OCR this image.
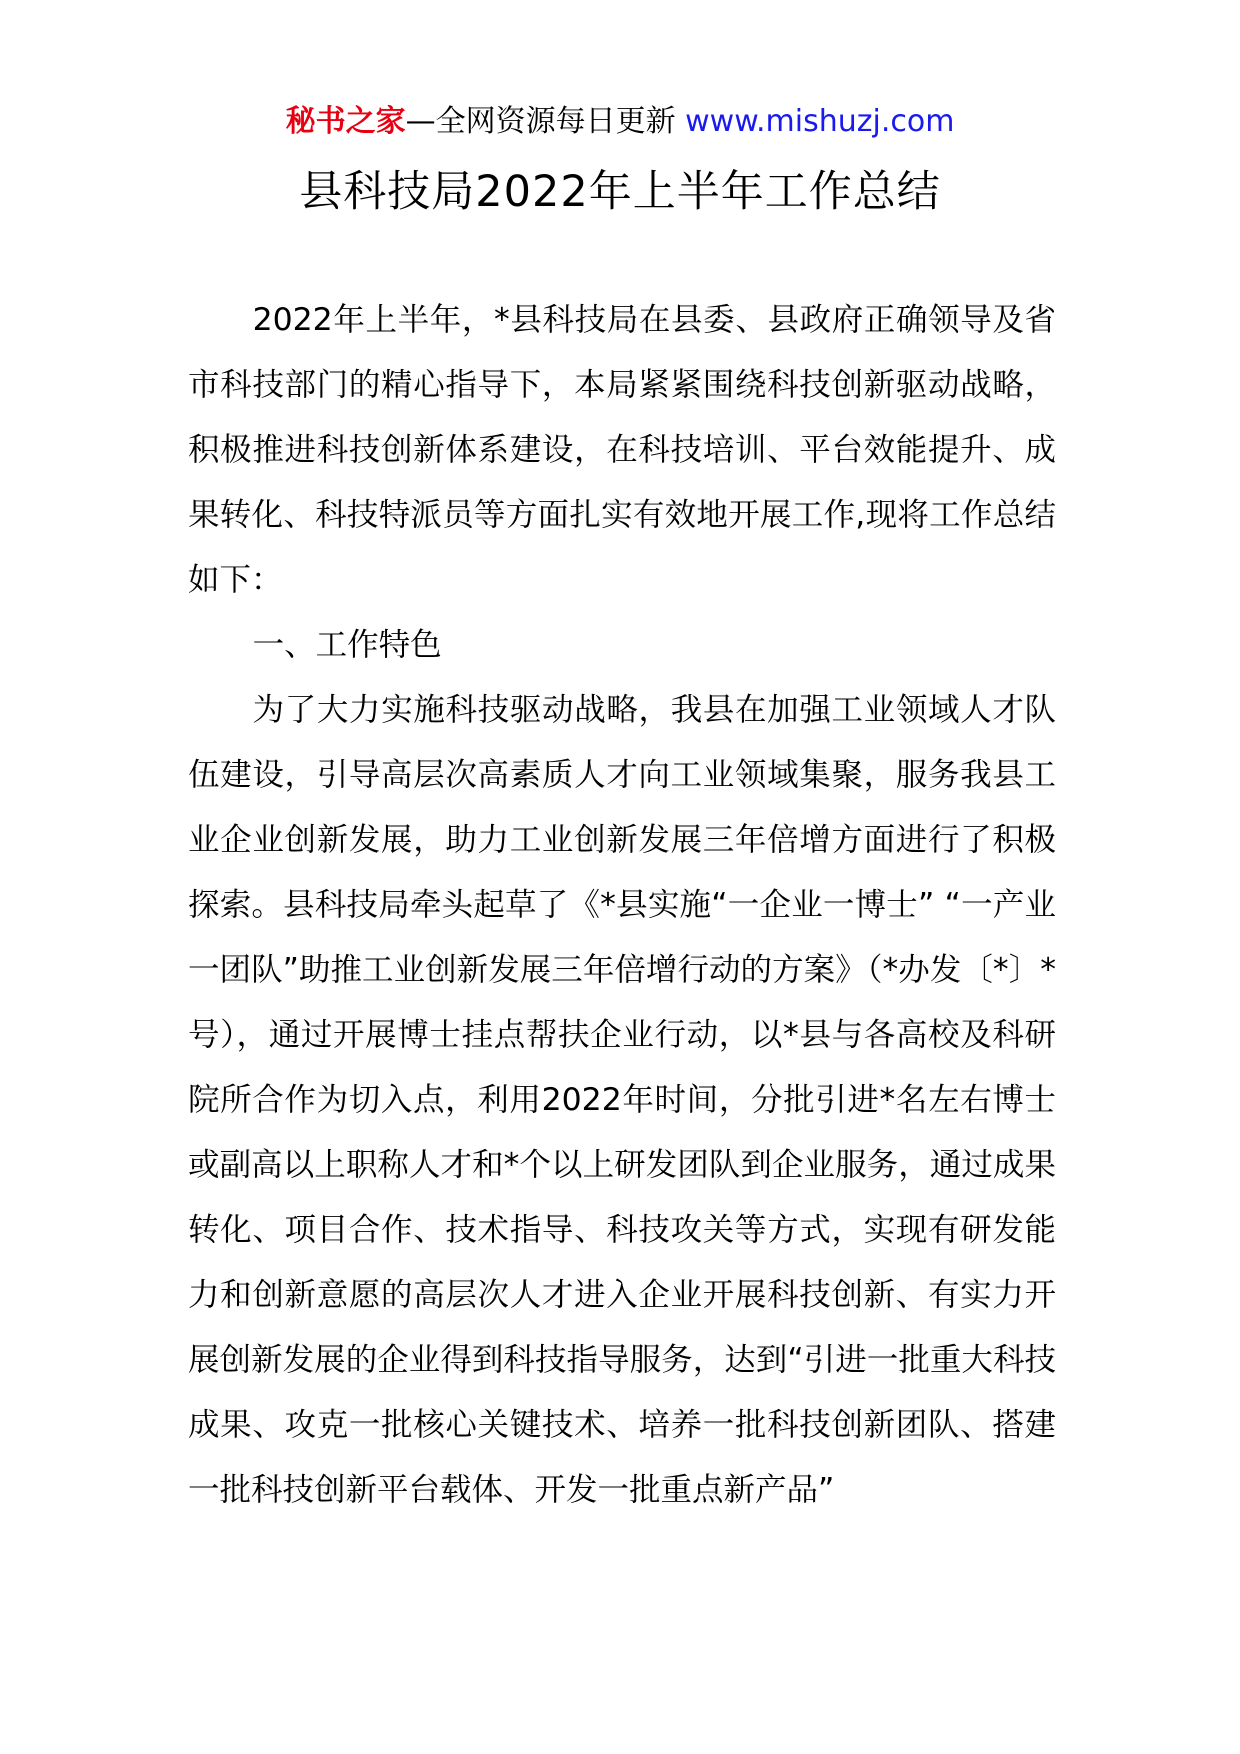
秘书之家—全网资源每日更新 www.mishuzj.com
县科技局2022年上半年工作总结

2022年上半年，*县科技局在县委、县政府正确领导及省市科技部门的精心指导下，本局紧紧围绕科技创新驱动战略，积极推进科技创新体系建设，在科技培训、平台效能提升、成果转化、科技特派员等方面扎实有效地开展工作,现将工作总结如下：

一、工作特色

为了大力实施科技驱动战略，我县在加强工业领域人才队伍建设，引导高层次高素质人才向工业领域集聚，服务我县工业企业创新发展，助力工业创新发展三年倍增方面进行了积极探索。县科技局牵头起草了《*县实施“一企业一博士” “一产业一团队”助推工业创新发展三年倍增行动的方案》（*办发〔*〕*号），通过开展博士挂点帮扶企业行动，以*县与各高校及科研院所合作为切入点，利用2022年时间，分批引进*名左右博士或副高以上职称人才和*个以上研发团队到企业服务，通过成果转化、项目合作、技术指导、科技攻关等方式，实现有研发能力和创新意愿的高层次人才进入企业开展科技创新、有实力开展创新发展的企业得到科技指导服务，达到“引进一批重大科技成果、攻克一批核心关键技术、培养一批科技创新团队、搭建一批科技创新平台载体、开发一批重点新产品”
